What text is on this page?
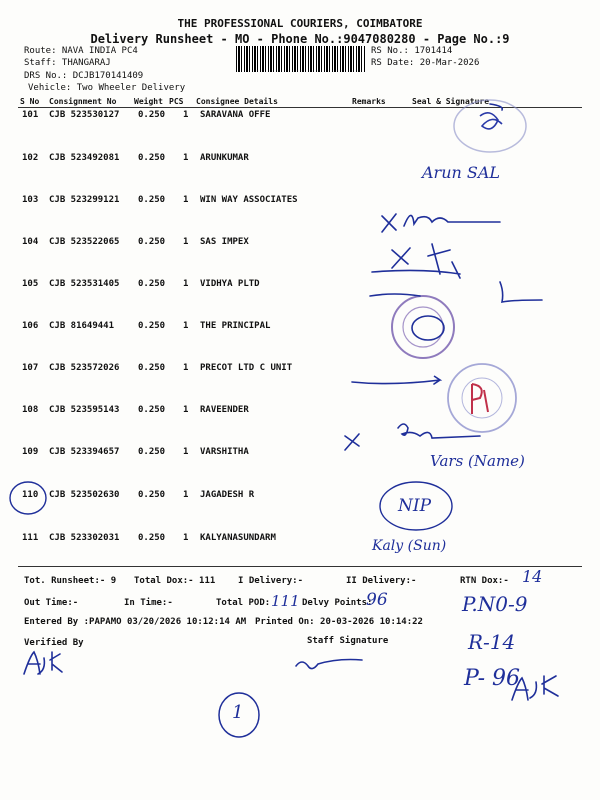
THE PROFESSIONAL COURIERS, COIMBATORE
Delivery Runsheet - MO - Phone No.:9047080280 - Page No.:9
Route: NAVA INDIA PC4
Staff: THANGARAJ
DRS No.: DCJB170141409
Vehicle: Two Wheeler Delivery
RS No.: 1701414
RS Date: 20-Mar-2026
S No Consignment No Weight PCS Consignee Details	Remarks	Seal & Signature
101 CJB 523530127 0.250 1 SARAVANA OFFE
102 CJB 523492081 0.250 1 ARUNKUMAR
103 CJB 523299121 0.250 1 WIN WAY ASSOCIATES
104 CJB 523522065 0.250 1 SAS IMPEX
105 CJB 523531405 0.250 1 VIDHYA PLTD
106 CJB 81649441	0.250 1 THE PRINCIPAL
107 CJB 523572026 0.250 1 PRECOT LTD C UNIT
108 CJB 523595143 0.250 1 RAVEENDER
109 CJB 523394657 0.250 1 VARSHITHA
110 CJB 523502630 0.250 1 JAGADESH R
111 CJB 523302031 0.250 1 KALYANASUNDARM
Tot. Runsheet:- 9 Total Dox:- 111	I Delivery:-	II Delivery:-	RTN Dox:-
Out Time:-	In Time:-	Total POD:	Delvy Points:
Entered By :PAPAMO 03/20/2026 10:12:14 AM Printed On: 20-03-2026 10:14:22
Verified By	Staff Signature
Arun SAL
Vars (Name)
NIP
Kaly (Sun)
14
111	96	P.N0-9
R-14
P- 96
1
